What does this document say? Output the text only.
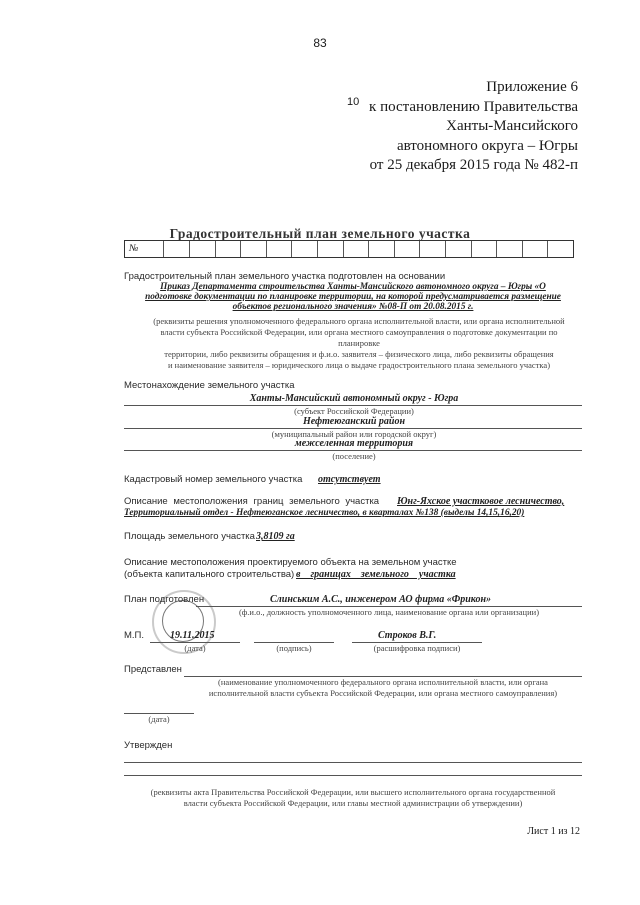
83
Приложение 6
к постановлению Правительства
Ханты-Мансийского
автономного округа – Югры
от 25 декабря 2015 года № 482-п
10
Градостроительный план земельного участка
№
Градостроительный план земельного участка подготовлен на основании
Приказ Департамента строительства Ханты-Мансийского автономного округа – Югры «О
подготовке документации по планировке территории, на которой предусматривается размещение
объектов регионального значения» №08-П от 20.08.2015 г.
(реквизиты решения уполномоченного федерального органа исполнительной власти, или органа исполнительной
власти субъекта Российской Федерации, или органа местного самоуправления о подготовке документации по
планировке
территории, либо реквизиты обращения и ф.и.о. заявителя – физического лица, либо реквизиты обращения
и наименование заявителя – юридического лица о выдаче градостроительного плана земельного участка)
Местонахождение земельного участка
Ханты-Мансийский автономный округ - Югра
(субъект Российской Федерации)
Нефтеюганский район
(муниципальный район или городской округ)
межселенная территория
(поселение)
Кадастровый номер земельного участка отсутствует
Описание местоположения границ земельного участка Юнг-Яхское участковое лесничество,
Территориальный отдел - Нефтеюганское лесничество, в кварталах №138 (выделы 14,15,16,20)
Площадь земельного участка 3,8109 га
Описание местоположения проектируемого объекта на земельном участке
(объекта капитального строительства) в    границах    земельного    участка
План подготовлен	Слинським А.С., инженером АО фирма «Фрикон»
(ф.и.о., должность уполномоченного лица, наименование органа или организации)
М.П.	19.11.2015
(дата)	(подпись)
Строков В.Г.
(расшифровка подписи)
Представлен
(наименование уполномоченного федерального органа исполнительной власти, или органа
исполнительной власти субъекта Российской Федерации, или органа местного самоуправления)
(дата)
Утвержден
(реквизиты акта Правительства Российской Федерации, или высшего исполнительного органа государственной
власти субъекта Российской Федерации, или главы местной администрации об утверждении)
Лист 1 из 12
